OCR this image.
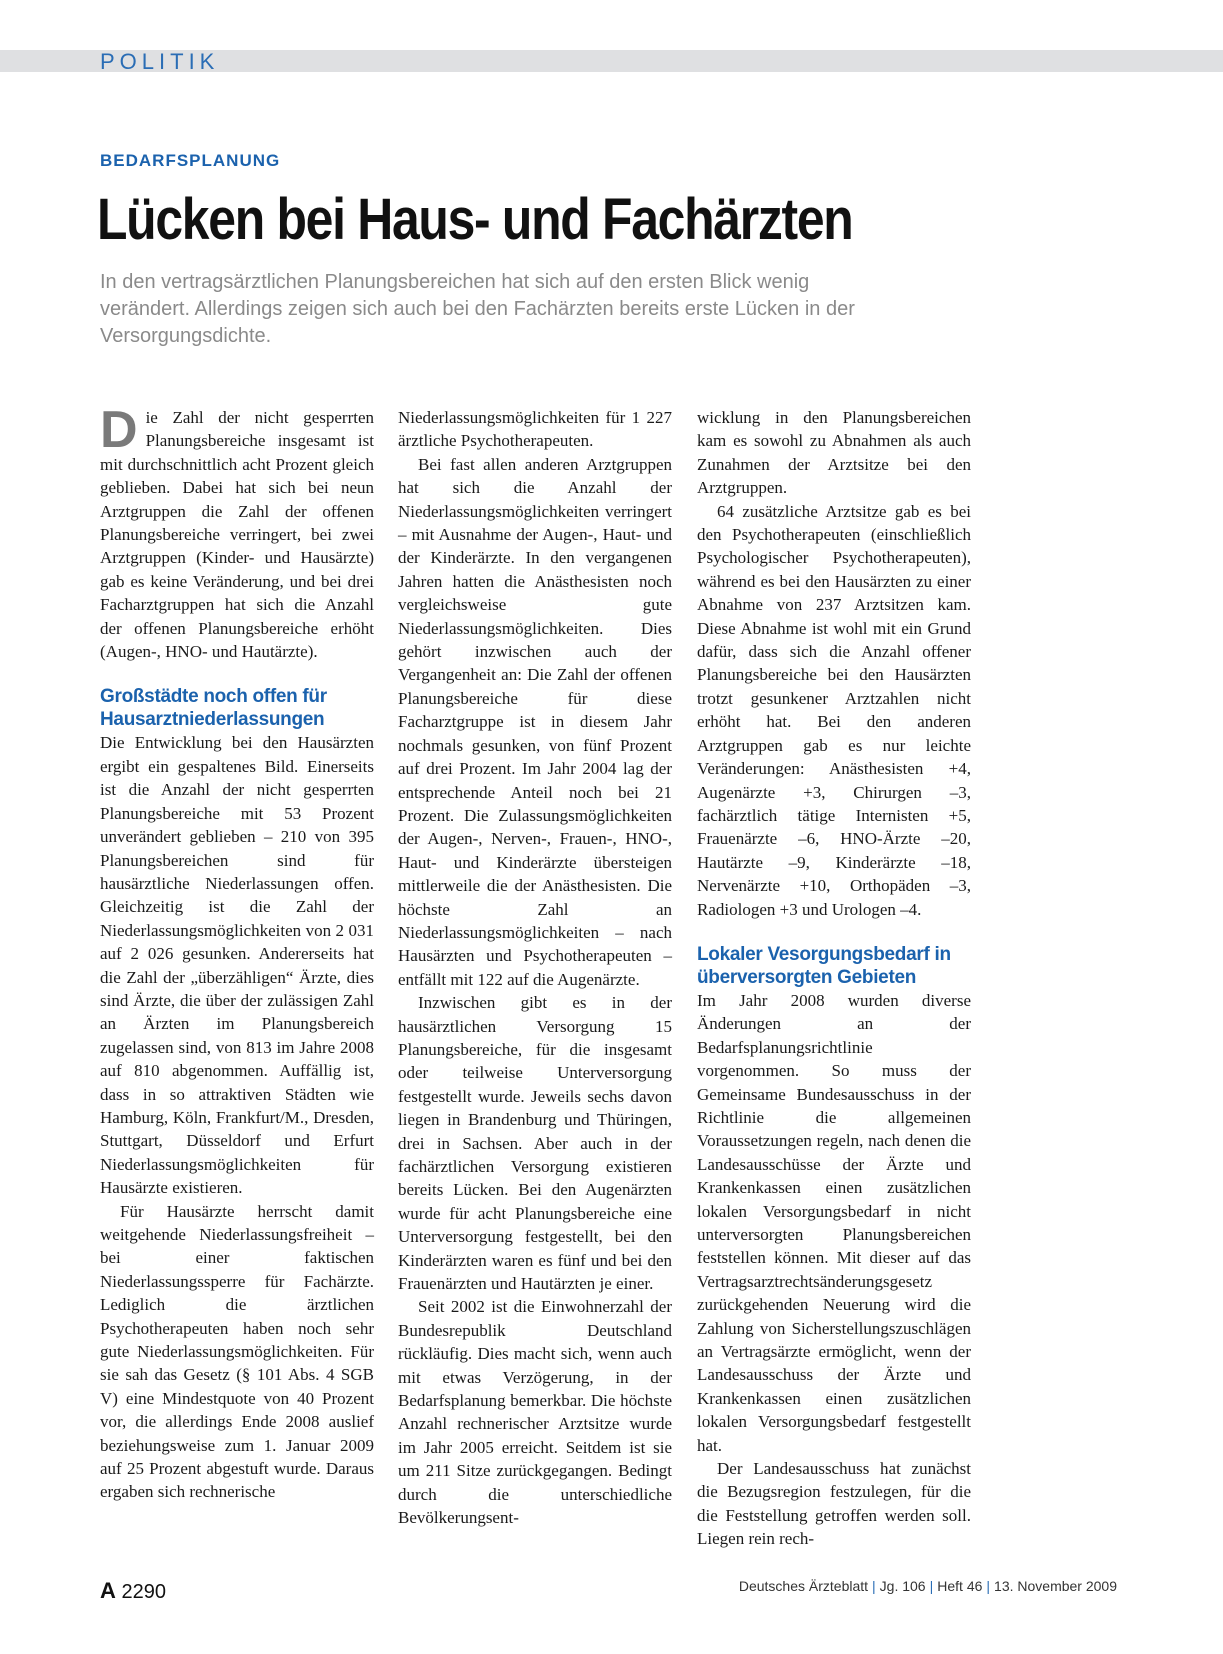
POLITIK
BEDARFSPLANUNG
Lücken bei Haus- und Fachärzten
In den vertragsärztlichen Planungsbereichen hat sich auf den ersten Blick wenig verändert. Allerdings zeigen sich auch bei den Fachärzten bereits erste Lücken in der Versorgungsdichte.

Die Zahl der nicht gesperrten Planungsbereiche insgesamt ist mit durchschnittlich acht Prozent gleich geblieben. Dabei hat sich bei neun Arztgruppen die Zahl der offenen Planungsbereiche verringert, bei zwei Arztgruppen (Kinder- und Hausärzte) gab es keine Veränderung, und bei drei Facharztgruppen hat sich die Anzahl der offenen Planungsbereiche erhöht (Augen-, HNO- und Hautärzte).

Großstädte noch offen für Hausarztniederlassungen

Die Entwicklung bei den Hausärzten ergibt ein gespaltenes Bild. Einerseits ist die Anzahl der nicht gesperrten Planungsbereiche mit 53 Prozent unverändert geblieben – 210 von 395 Planungsbereichen sind für hausärztliche Niederlassungen offen. Gleichzeitig ist die Zahl der Niederlassungsmöglichkeiten von 2 031 auf 2 026 gesunken. Andererseits hat die Zahl der „überzähligen“ Ärzte, dies sind Ärzte, die über der zulässigen Zahl an Ärzten im Planungsbereich zugelassen sind, von 813 im Jahre 2008 auf 810 abgenommen. Auffällig ist, dass in so attraktiven Städten wie Hamburg, Köln, Frankfurt/M., Dresden, Stuttgart, Düsseldorf und Erfurt Niederlassungsmöglichkeiten für Hausärzte existieren.

Für Hausärzte herrscht damit weitgehende Niederlassungsfreiheit – bei einer faktischen Niederlassungssperre für Fachärzte. Lediglich die ärztlichen Psychotherapeuten haben noch sehr gute Niederlassungsmöglichkeiten. Für sie sah das Gesetz (§ 101 Abs. 4 SGB V) eine Mindestquote von 40 Prozent vor, die allerdings Ende 2008 auslief beziehungsweise zum 1. Januar 2009 auf 25 Prozent abgestuft wurde. Daraus ergaben sich rechnerische

Niederlassungsmöglichkeiten für 1 227 ärztliche Psychotherapeuten.

Bei fast allen anderen Arztgruppen hat sich die Anzahl der Niederlassungsmöglichkeiten verringert – mit Ausnahme der Augen-, Haut- und der Kinderärzte. In den vergangenen Jahren hatten die Anästhesisten noch vergleichsweise gute Niederlassungsmöglichkeiten. Dies gehört inzwischen auch der Vergangenheit an: Die Zahl der offenen Planungsbereiche für diese Facharztgruppe ist in diesem Jahr nochmals gesunken, von fünf Prozent auf drei Prozent. Im Jahr 2004 lag der entsprechende Anteil noch bei 21 Prozent. Die Zulassungsmöglichkeiten der Augen-, Nerven-, Frauen-, HNO-, Haut- und Kinderärzte übersteigen mittlerweile die der Anästhesisten. Die höchste Zahl an Niederlassungsmöglichkeiten – nach Hausärzten und Psychotherapeuten – entfällt mit 122 auf die Augenärzte.

Inzwischen gibt es in der hausärztlichen Versorgung 15 Planungsbereiche, für die insgesamt oder teilweise Unterversorgung festgestellt wurde. Jeweils sechs davon liegen in Brandenburg und Thüringen, drei in Sachsen. Aber auch in der fachärztlichen Versorgung existieren bereits Lücken. Bei den Augenärzten wurde für acht Planungsbereiche eine Unterversorgung festgestellt, bei den Kinderärzten waren es fünf und bei den Frauenärzten und Hautärzten je einer.

Seit 2002 ist die Einwohnerzahl der Bundesrepublik Deutschland rückläufig. Dies macht sich, wenn auch mit etwas Verzögerung, in der Bedarfsplanung bemerkbar. Die höchste Anzahl rechnerischer Arztsitze wurde im Jahr 2005 erreicht. Seitdem ist sie um 211 Sitze zurückgegangen. Bedingt durch die unterschiedliche Bevölkerungsent-

wicklung in den Planungsbereichen kam es sowohl zu Abnahmen als auch Zunahmen der Arztsitze bei den Arztgruppen.

64 zusätzliche Arztsitze gab es bei den Psychotherapeuten (einschließlich Psychologischer Psychotherapeuten), während es bei den Hausärzten zu einer Abnahme von 237 Arztsitzen kam. Diese Abnahme ist wohl mit ein Grund dafür, dass sich die Anzahl offener Planungsbereiche bei den Hausärzten trotzt gesunkener Arztzahlen nicht erhöht hat. Bei den anderen Arztgruppen gab es nur leichte Veränderungen: Anästhesisten +4, Augenärzte +3, Chirurgen –3, fachärztlich tätige Internisten +5, Frauenärzte –6, HNO-Ärzte –20, Hautärzte –9, Kinderärzte –18, Nervenärzte +10, Orthopäden –3, Radiologen +3 und Urologen –4.

Lokaler Vesorgungsbedarf in überversorgten Gebieten

Im Jahr 2008 wurden diverse Änderungen an der Bedarfsplanungsrichtlinie vorgenommen. So muss der Gemeinsame Bundesausschuss in der Richtlinie die allgemeinen Voraussetzungen regeln, nach denen die Landesausschüsse der Ärzte und Krankenkassen einen zusätzlichen lokalen Versorgungsbedarf in nicht unterversorgten Planungsbereichen feststellen können. Mit dieser auf das Vertragsarztrechtsänderungsgesetz zurückgehenden Neuerung wird die Zahlung von Sicherstellungszuschlägen an Vertragsärzte ermöglicht, wenn der Landesausschuss der Ärzte und Krankenkassen einen zusätzlichen lokalen Versorgungsbedarf festgestellt hat.

Der Landesausschuss hat zunächst die Bezugsregion festzulegen, für die die Feststellung getroffen werden soll. Liegen rein rech-

A 2290	Deutsches Ärzteblatt | Jg. 106 | Heft 46 | 13. November 2009
